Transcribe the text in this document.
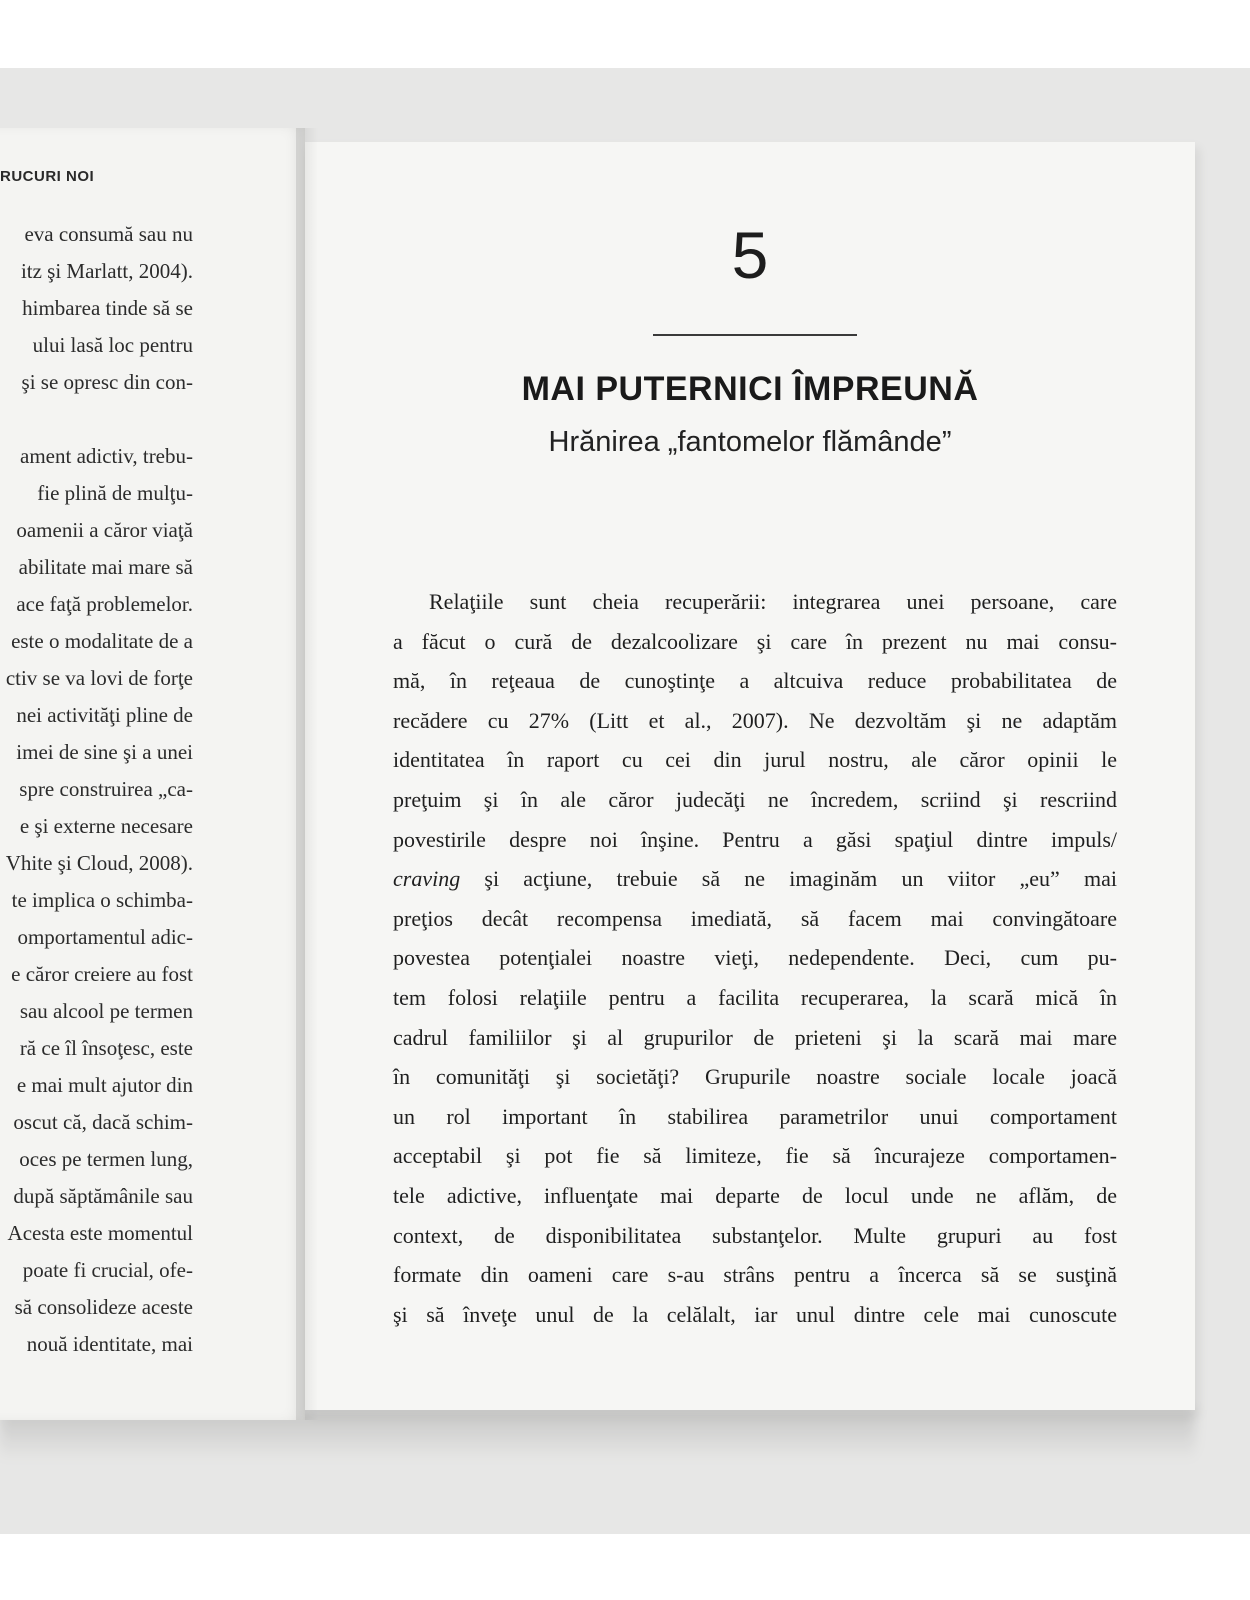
RUCURI NOI
eva consumă sau nu
itz şi Marlatt, 2004).
himbarea tinde să se
ului lasă loc pentru
şi se opresc din con-
ament adictiv, trebu-
fie plină de mulţu-
oamenii a căror viaţă
abilitate mai mare să
ace faţă problemelor.
este o modalitate de a
ctiv se va lovi de forţe
nei activităţi pline de
imei de sine şi a unei
spre construirea „ca-
e şi externe necesare
Vhite şi Cloud, 2008).
te implica o schimba-
omportamentul adic-
e căror creiere au fost
sau alcool pe termen
ră ce îl însoţesc, este
e mai mult ajutor din
oscut că, dacă schim-
oces pe termen lung,
după săptămânile sau
Acesta este momentul
poate fi crucial, ofe-
să consolideze aceste
nouă identitate, mai
5
MAI PUTERNICI ÎMPREUNĂ
Hrănirea „fantomelor flămânde”
Relaţiile sunt cheia recuperării: integrarea unei persoane, care
a făcut o cură de dezalcoolizare şi care în prezent nu mai consu-
mă, în reţeaua de cunoştinţe a altcuiva reduce probabilitatea de
recădere cu 27% (Litt et al., 2007). Ne dezvoltăm şi ne adaptăm
identitatea în raport cu cei din jurul nostru, ale căror opinii le
preţuim şi în ale căror judecăţi ne încredem, scriind şi rescriind
povestirile despre noi înşine. Pentru a găsi spaţiul dintre impuls/
craving şi acţiune, trebuie să ne imaginăm un viitor „eu” mai
preţios decât recompensa imediată, să facem mai convingătoare
povestea potenţialei noastre vieţi, nedependente. Deci, cum pu-
tem folosi relaţiile pentru a facilita recuperarea, la scară mică în
cadrul familiilor şi al grupurilor de prieteni şi la scară mai mare
în comunităţi şi societăţi? Grupurile noastre sociale locale joacă
un rol important în stabilirea parametrilor unui comportament
acceptabil şi pot fie să limiteze, fie să încurajeze comportamen-
tele adictive, influenţate mai departe de locul unde ne aflăm, de
context, de disponibilitatea substanţelor. Multe grupuri au fost
formate din oameni care s-au strâns pentru a încerca să se susţină
şi să înveţe unul de la celălalt, iar unul dintre cele mai cunoscute
